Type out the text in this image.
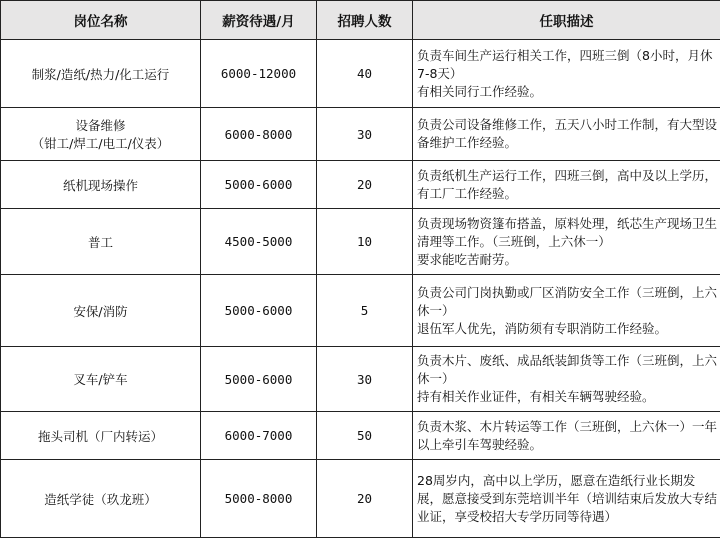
岗位名称	薪资待遇/月	招聘人数	任职描述

制浆/造纸/热力/化工运行	6000-12000	40	负责车间生产运行相关工作，四班三倒（8小时，月休7-8天）
有相关同行工作经验。

设备维修
（钳工/焊工/电工/仪表）	6000-8000	30	负责公司设备维修工作，五天八小时工作制，有大型设备维护工作经验。

纸机现场操作	5000-6000	20	负责纸机生产运行工作，四班三倒，高中及以上学历，有工厂工作经验。

普工	4500-5000	10	负责现场物资篷布搭盖，原料处理，纸芯生产现场卫生清理等工作。（三班倒，上六休一）
要求能吃苦耐劳。

安保/消防	5000-6000	5	负责公司门岗执勤或厂区消防安全工作（三班倒，上六休一）
退伍军人优先，消防须有专职消防工作经验。

叉车/铲车	5000-6000	30	负责木片、废纸、成品纸装卸货等工作（三班倒，上六休一）
持有相关作业证件，有相关车辆驾驶经验。

拖头司机（厂内转运）	6000-7000	50	负责木浆、木片转运等工作（三班倒，上六休一）一年以上牵引车驾驶经验。

造纸学徒（玖龙班）	5000-8000	20	28周岁内，高中以上学历，愿意在造纸行业长期发展，愿意接受到东莞培训半年（培训结束后发放大专结业证，享受校招大专学历同等待遇）
